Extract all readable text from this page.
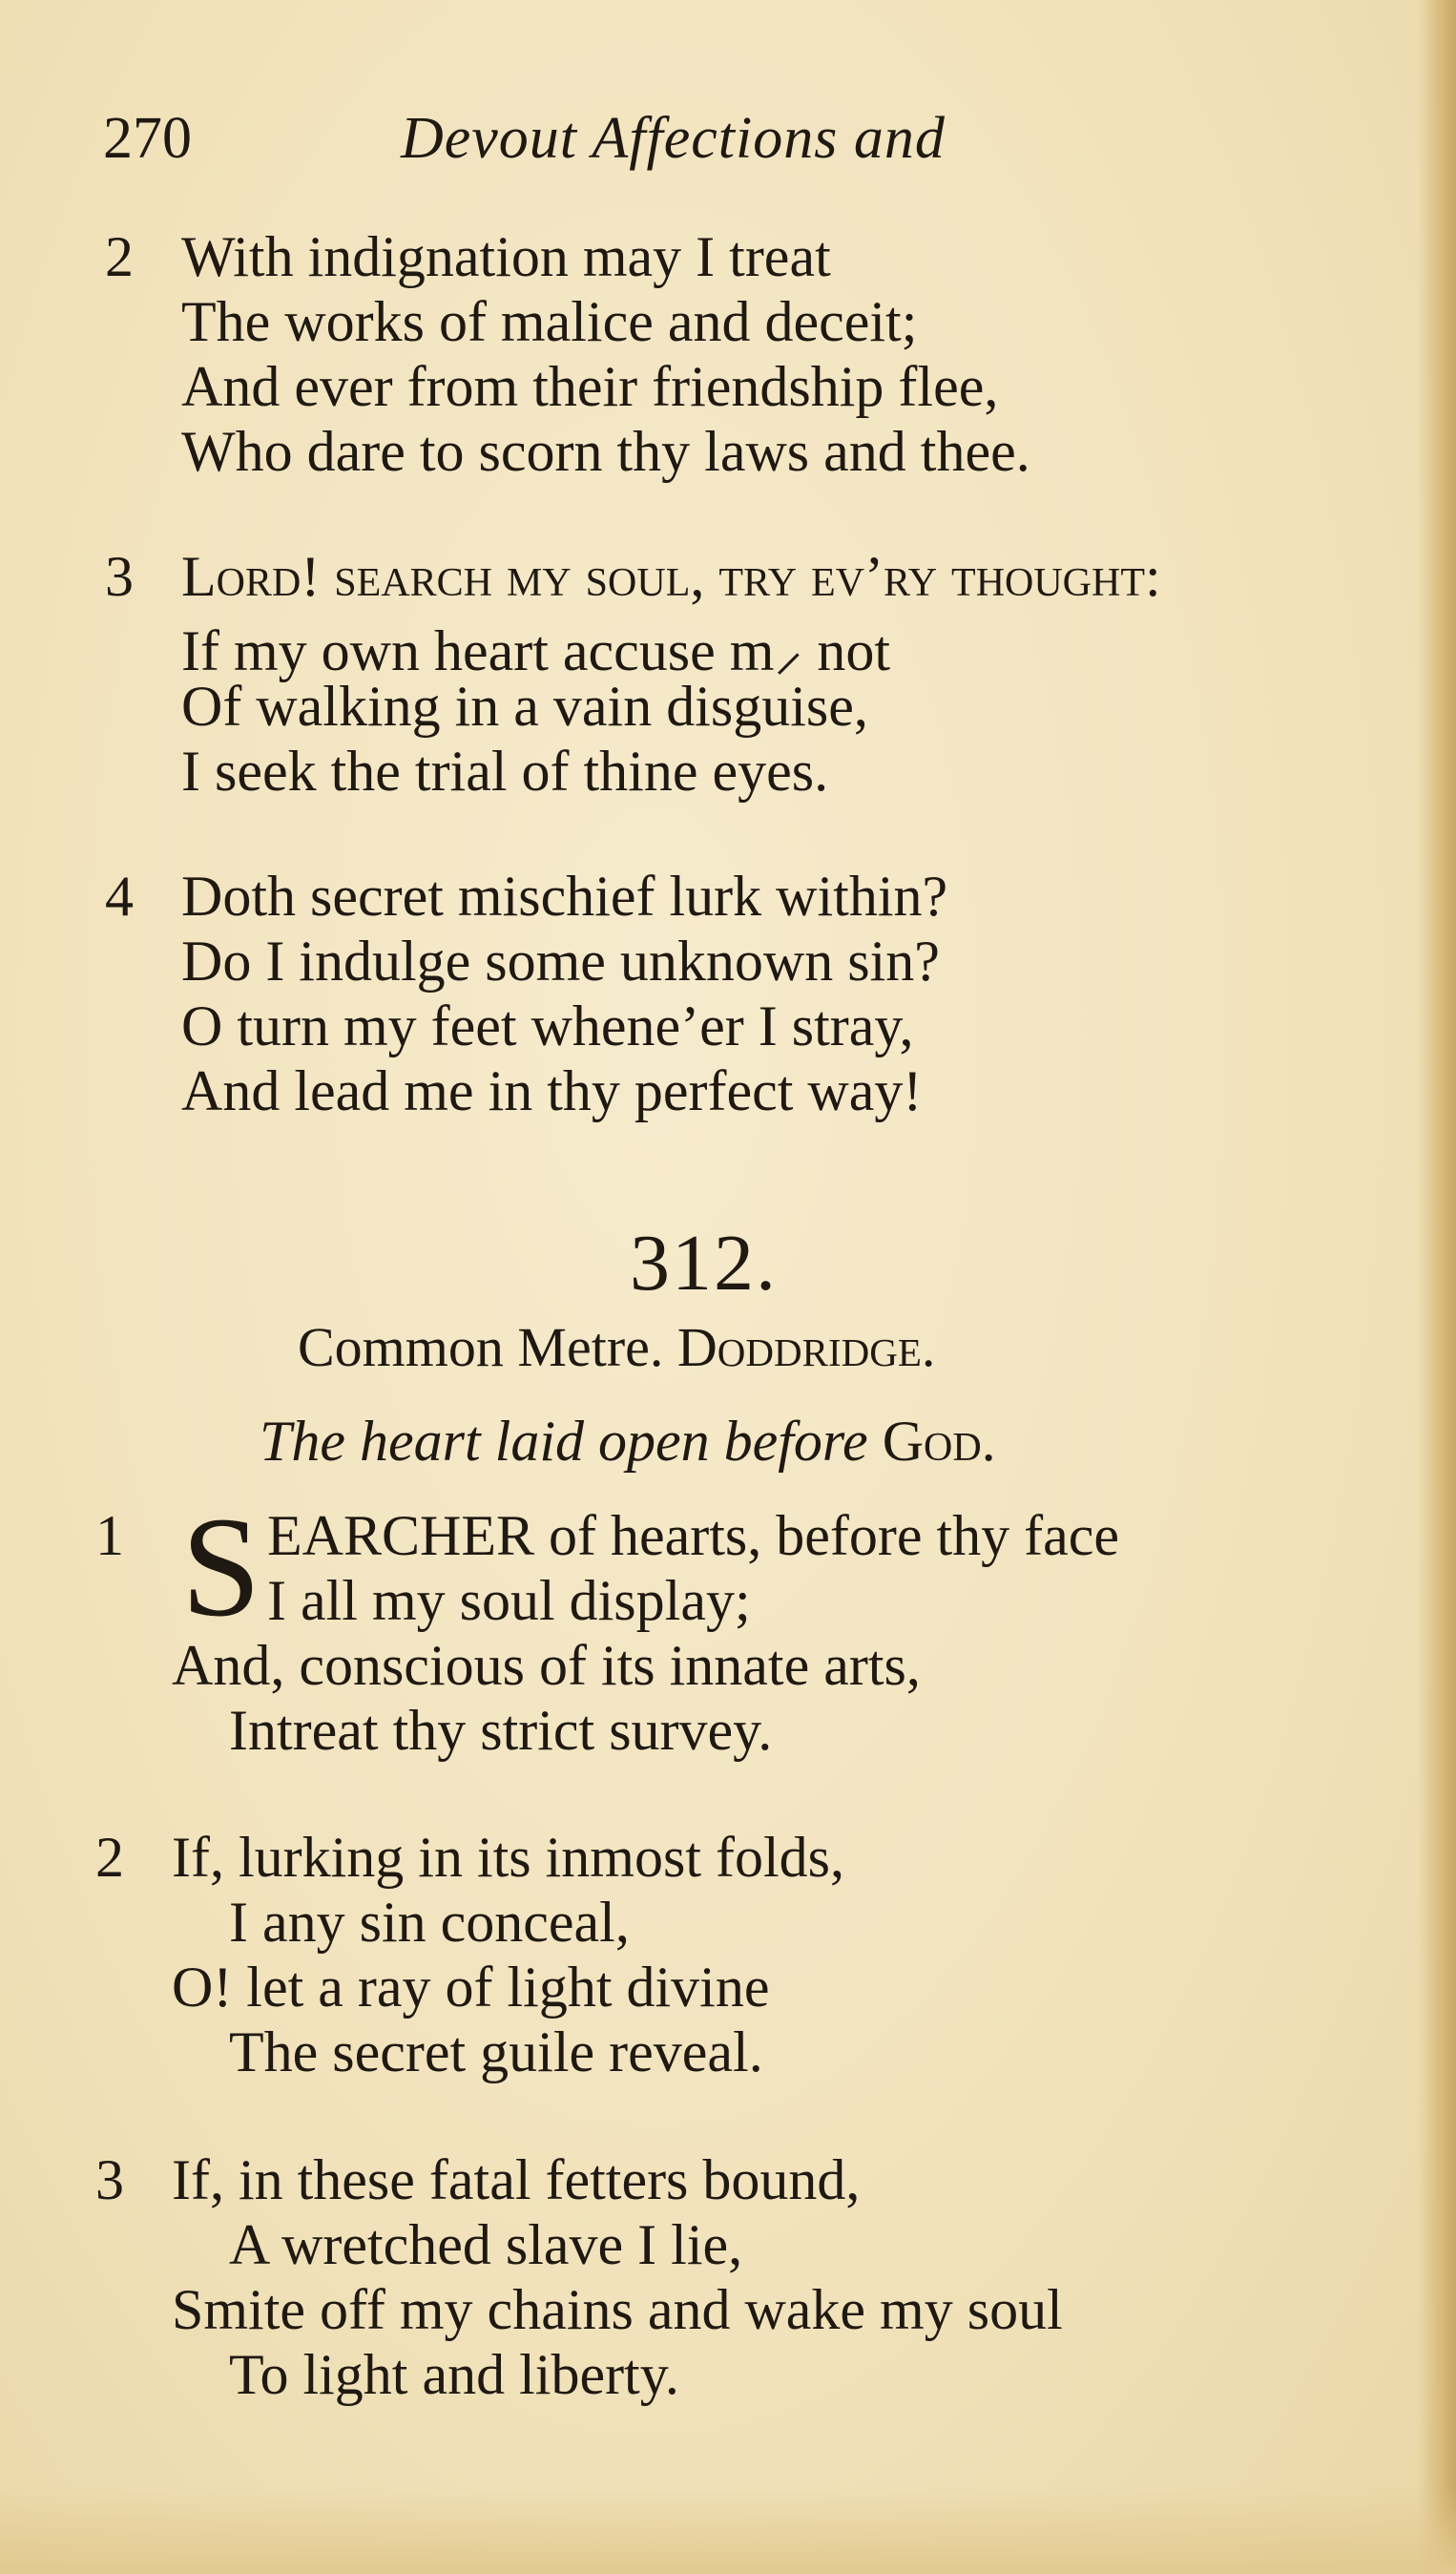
270	Devout Affections and
2 With indignation may I treat
The works of malice and deceit;
And ever from their friendship flee,
Who dare to scorn thy laws and thee.
3 Lord! search my soul, try ev’ry thought:
If my own heart accuse m⸝ not
Of walking in a vain disguise,
I seek the trial of thine eyes.
4 Doth secret mischief lurk within?
Do I indulge some unknown sin?
O turn my feet whene’er I stray,
And lead me in thy perfect way!
312.
Common Metre. Doddridge.
The heart laid open before God.
1 S EARCHER of hearts, before thy face
I all my soul display;
And, conscious of its innate arts,
Intreat thy strict survey.
2 If, lurking in its inmost folds,
I any sin conceal,
O! let a ray of light divine
The secret guile reveal.
3 If, in these fatal fetters bound,
A wretched slave I lie,
Smite off my chains and wake my soul
To light and liberty.
